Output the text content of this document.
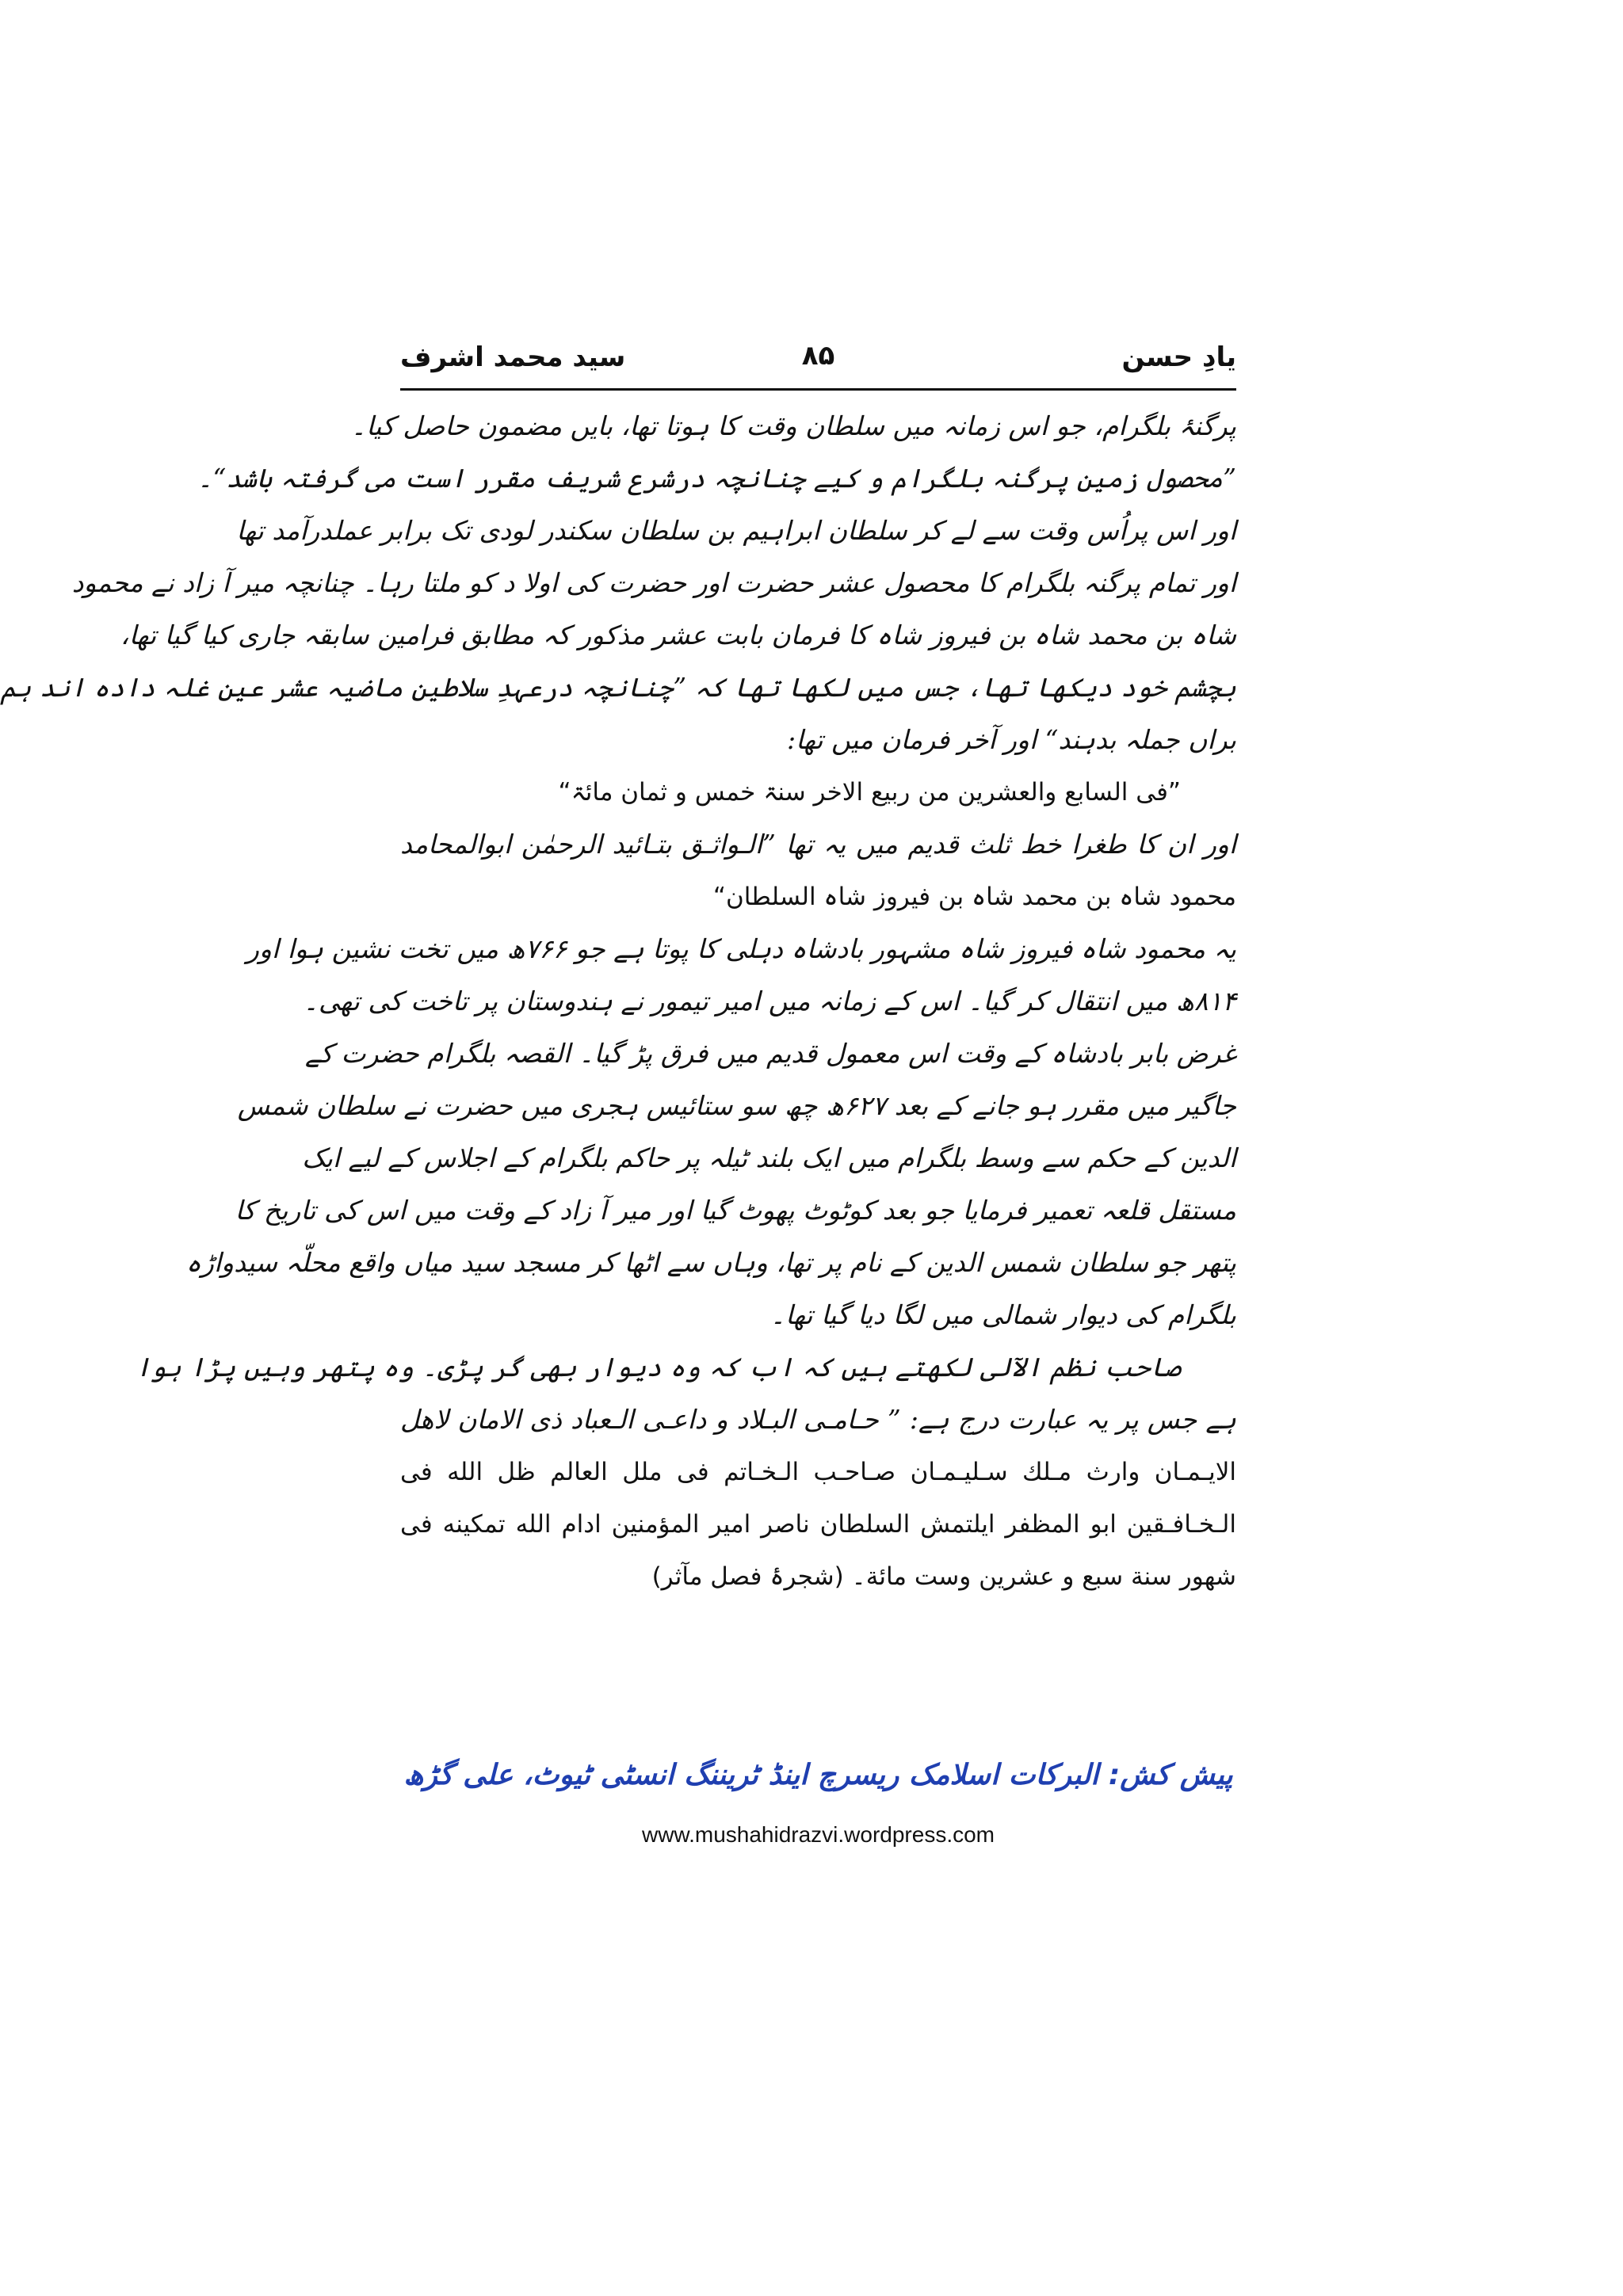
یادِ حسن
۸۵
سید محمد اشرف
پرگنۂ بلگرام، جو اس زمانہ میں سلطان وقت کا ہوتا تھا، بایں مضمون حاصل کیا۔
”محصول زمین پرگنہ بلگرام و کیے چنانچہ درشرع شریف مقرر است می گرفتہ باشد“۔
اور اس پراُس وقت سے لے کر سلطان ابراہیم بن سلطان سکندر لودی تک برابر عملدرآمد تھا
اور تمام پرگنہ بلگرام کا محصول عشر حضرت اور حضرت کی اولا د کو ملتا رہا۔ چنانچہ میر آ زاد نے محمود
شاہ بن محمد شاہ بن فیروز شاہ کا فرمان بابت عشر مذکور کہ مطابق فرامین سابقہ جاری کیا گیا تھا،
بچشم خود دیکھا تھا، جس میں لکھا تھا کہ ”چنانچہ درعہدِ سلاطین ماضیہ عشر عین غلہ دادہ اند ہم
براں جملہ بدہند“ اور آخر فرمان میں تھا:
”فی السابع والعشرین من ربیع الاخر سنۃ خمس و ثمان مائۃ“
اور ان کا طغرا خط ثلث قدیم میں یہ تھا ”الـواثـق بتـائید الرحمٰن ابوالمحامد
محمود شاہ بن محمد شاہ بن فیروز شاہ السلطان“
یہ محمود شاہ فیروز شاہ مشہور بادشاہ دہلی کا پوتا ہے جو ۷۶۶ھ میں تخت نشین ہوا اور
۸۱۴ھ میں انتقال کر گیا۔ اس کے زمانہ میں امیر تیمور نے ہندوستان پر تاخت کی تھی۔
غرض بابر بادشاہ کے وقت اس معمول قدیم میں فرق پڑ گیا۔ القصہ بلگرام حضرت کے
جاگیر میں مقرر ہو جانے کے بعد ۶۲۷ھ چھ سو ستائیس ہجری میں حضرت نے سلطان شمس
الدین کے حکم سے وسط بلگرام میں ایک بلند ٹیلہ پر حاکم بلگرام کے اجلاس کے لیے ایک
مستقل قلعہ تعمیر فرمایا جو بعد کوٹوٹ پھوٹ گیا اور میر آ زاد کے وقت میں اس کی تاریخ کا
پتھر جو سلطان شمس الدین کے نام پر تھا، وہاں سے اٹھا کر مسجد سید میاں واقع محلّہ سیدواڑہ
بلگرام کی دیوار شمالی میں لگا دیا گیا تھا۔
صاحب نظم الآلی لکھتے ہیں کہ اب کہ وہ دیوار بھی گر پڑی۔ وہ پتھر وہیں پڑا ہوا
ہے جس پر یہ عبارت درج ہے: ” حـامـی البـلاد و داعـی الـعباد ذی الامان لاهل
الایـمـان وارث مـلك سـلیـمـان صـاحـب الـخـاتم فی ملل العالم ظل الله فی
الـخـافـقین ابو المظفر ایلتمش السلطان ناصر امیر المؤمنین ادام الله تمکینه فی
شهور سنة سبع و عشرین وست مائة۔ (شجرۂ فصل مآثر)
پیش کش: البرکات اسلامک ریسرچ اینڈ ٹریننگ انسٹی ٹیوٹ، علی گڑھ
www.mushahidrazvi.wordpress.com
